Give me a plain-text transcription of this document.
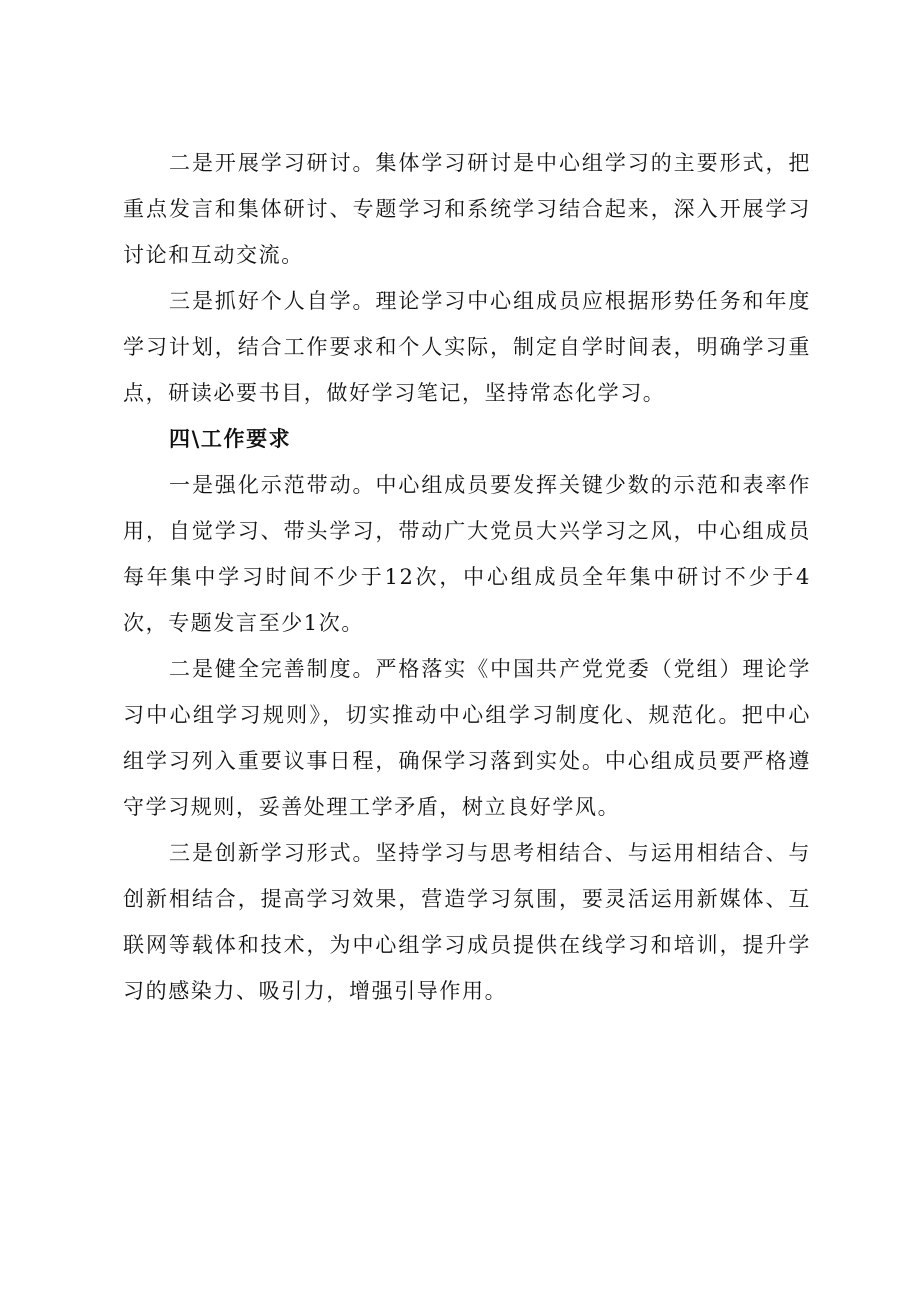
二是开展学习研讨。集体学习研讨是中心组学习的主要形式，把重点发言和集体研讨、专题学习和系统学习结合起来，深入开展学习讨论和互动交流。

三是抓好个人自学。理论学习中心组成员应根据形势任务和年度学习计划，结合工作要求和个人实际，制定自学时间表，明确学习重点，研读必要书目，做好学习笔记，坚持常态化学习。

四\工作要求

一是强化示范带动。中心组成员要发挥关键少数的示范和表率作用，自觉学习、带头学习，带动广大党员大兴学习之风，中心组成员每年集中学习时间不少于12次，中心组成员全年集中研讨不少于4次，专题发言至少1次。

二是健全完善制度。严格落实《中国共产党党委（党组）理论学习中心组学习规则》，切实推动中心组学习制度化、规范化。把中心组学习列入重要议事日程，确保学习落到实处。中心组成员要严格遵守学习规则，妥善处理工学矛盾，树立良好学风。

三是创新学习形式。坚持学习与思考相结合、与运用相结合、与创新相结合，提高学习效果，营造学习氛围，要灵活运用新媒体、互联网等载体和技术，为中心组学习成员提供在线学习和培训，提升学习的感染力、吸引力，增强引导作用。
